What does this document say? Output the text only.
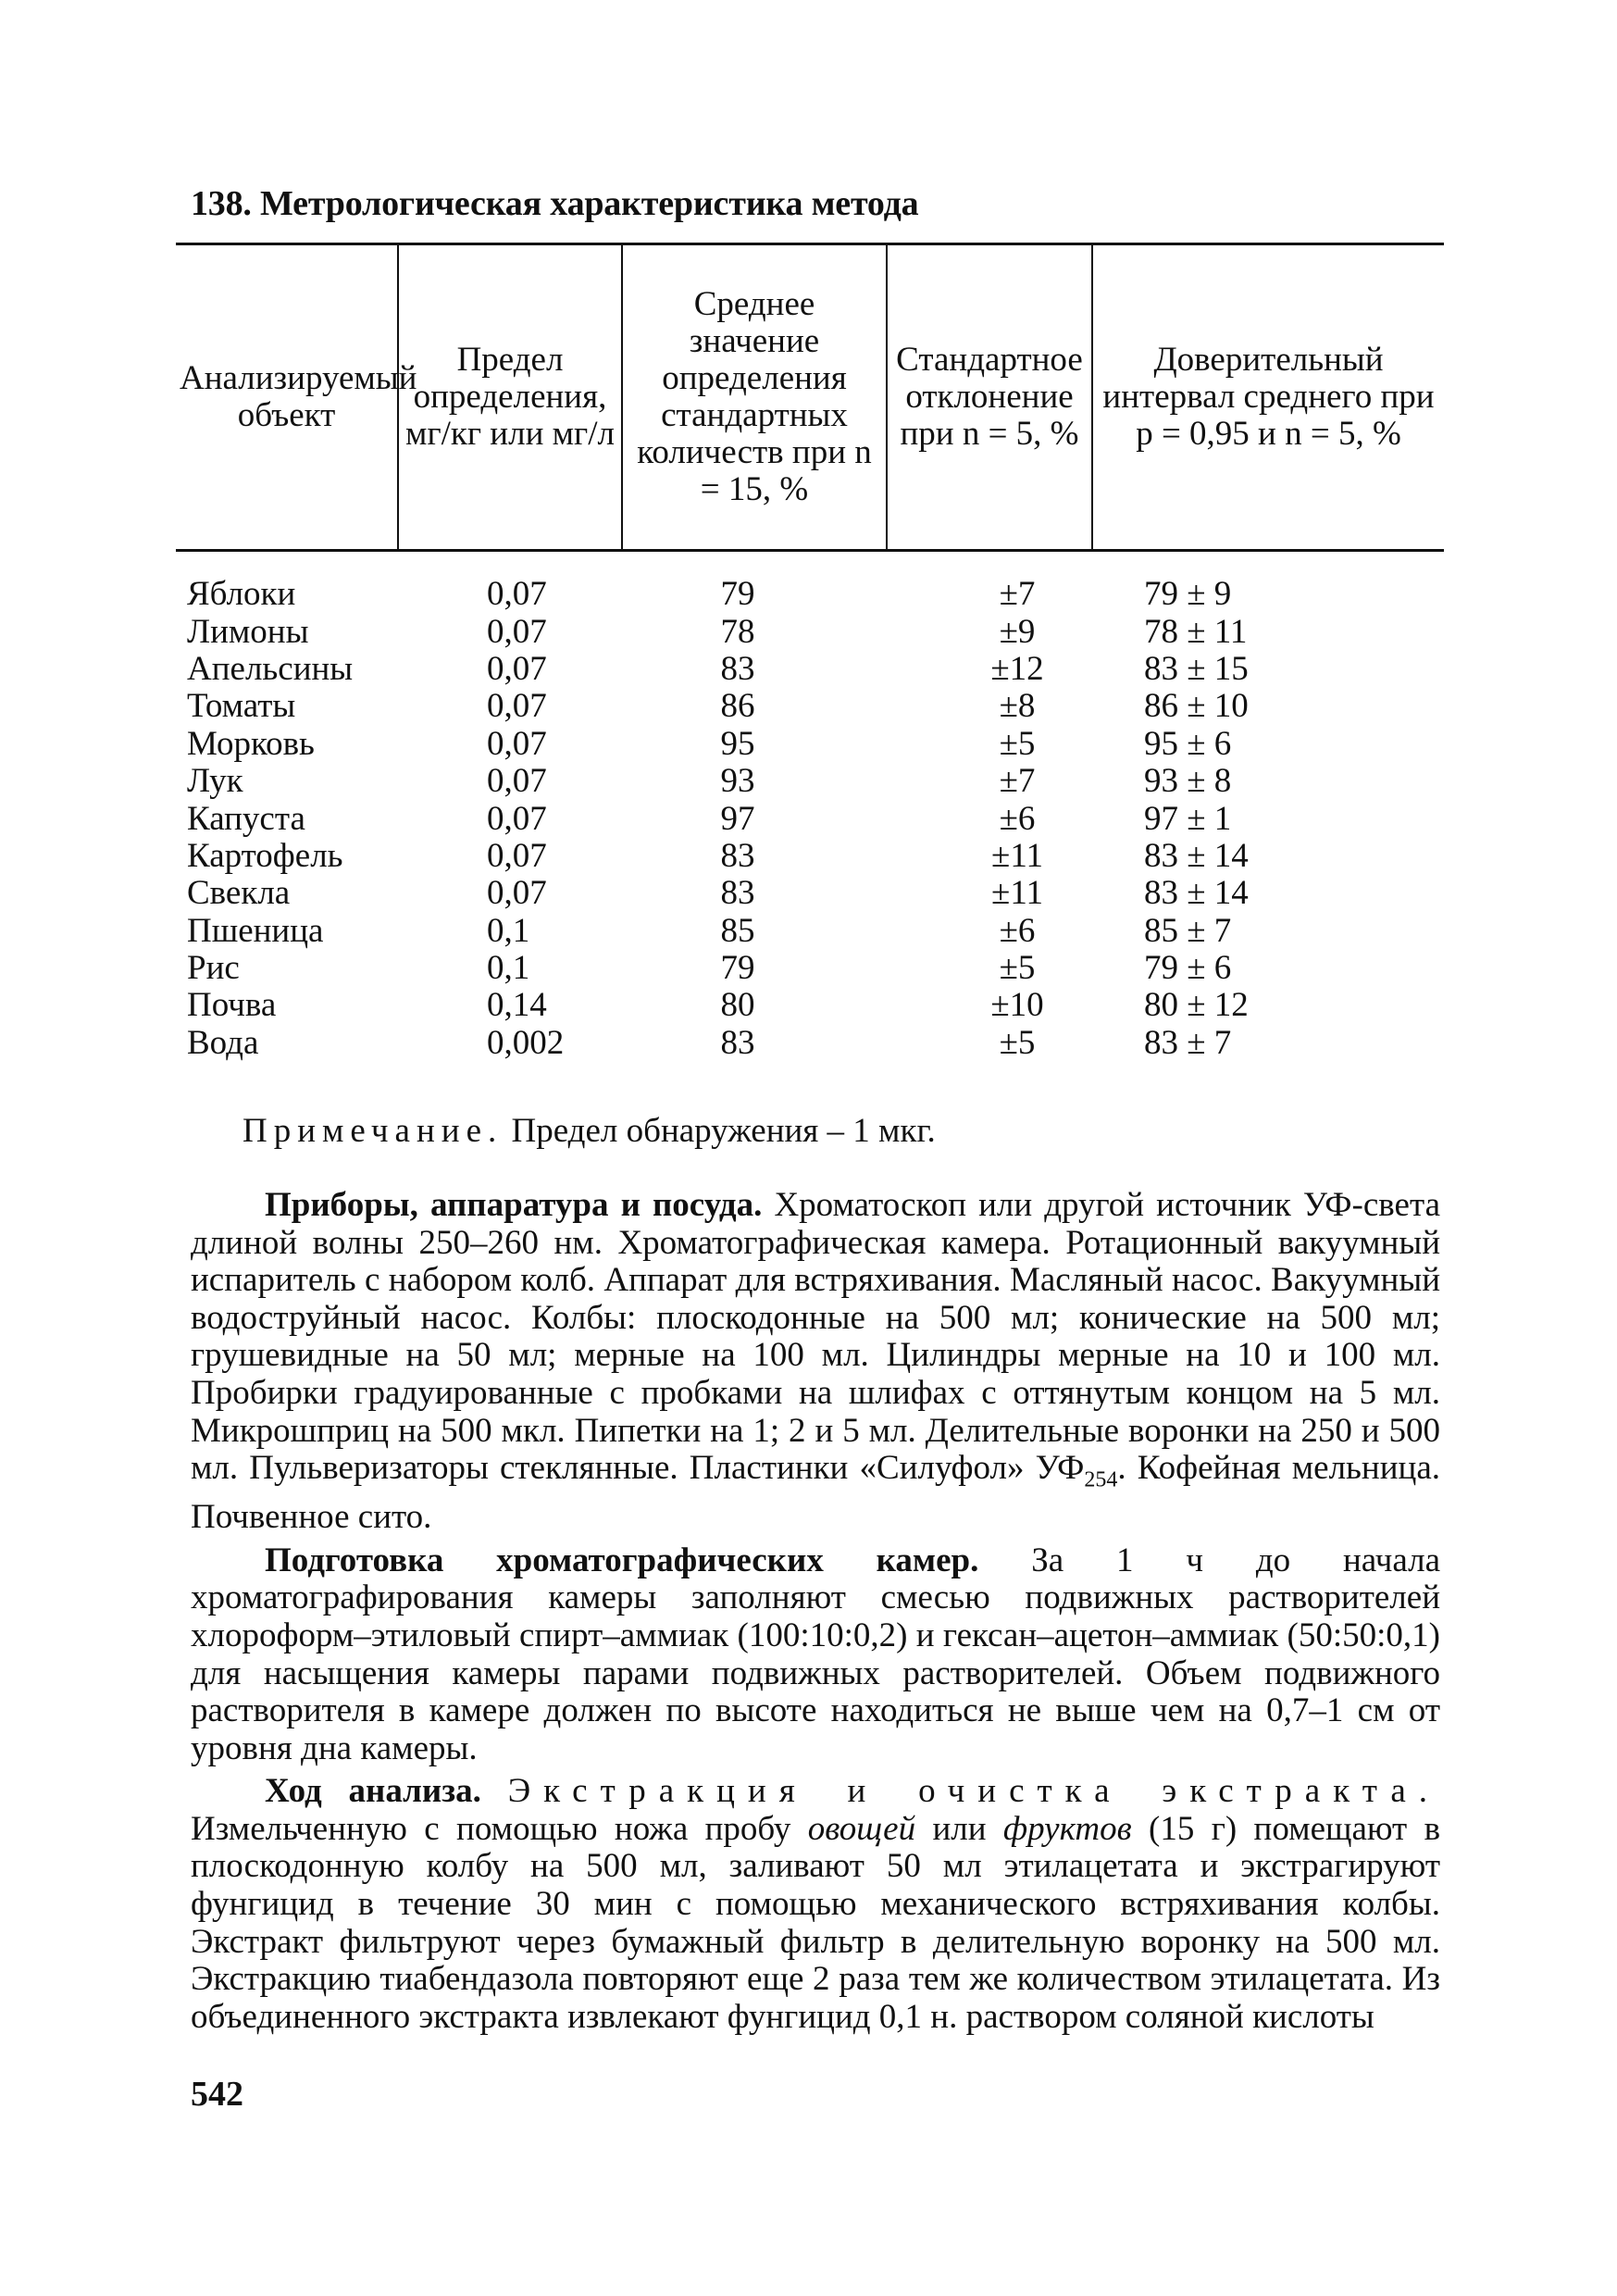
138. Метрологическая характеристика метода
Анализируемый объект	Предел определения, мг/кг или мг/л	Среднее значение определения стандартных количеств при n = 15, %	Стандартное отклонение при n = 5, %	Доверительный интервал среднего при p = 0,95 и n = 5, %
Яблоки	0,07	79	±7	79 ± 9
Лимоны	0,07	78	±9	78 ± 11
Апельсины	0,07	83	±12	83 ± 15
Томаты	0,07	86	±8	86 ± 10
Морковь	0,07	95	±5	95 ± 6
Лук	0,07	93	±7	93 ± 8
Капуста	0,07	97	±6	97 ± 1
Картофель	0,07	83	±11	83 ± 14
Свекла	0,07	83	±11	83 ± 14
Пшеница	0,1	85	±6	85 ± 7
Рис	0,1	79	±5	79 ± 6
Почва	0,14	80	±10	80 ± 12
Вода	0,002	83	±5	83 ± 7
Примечание. Предел обнаружения – 1 мкг.

Приборы, аппаратура и посуда. Хроматоскоп или другой источник УФ-света длиной волны 250–260 нм. Хроматографическая камера. Ротационный вакуумный испаритель с набором колб. Аппарат для встряхивания. Масляный насос. Вакуумный водоструйный насос. Колбы: плоскодонные на 500 мл; конические на 500 мл; грушевидные на 50 мл; мерные на 100 мл. Цилиндры мерные на 10 и 100 мл. Пробирки градуированные с пробками на шлифах с оттянутым концом на 5 мл. Микрошприц на 500 мкл. Пипетки на 1; 2 и 5 мл. Делительные воронки на 250 и 500 мл. Пульверизаторы стеклянные. Пластинки «Силуфол» $УФ_{254}$. Кофейная мельница. Почвенное сито.

Подготовка хроматографических камер. За 1 ч до начала хроматографирования камеры заполняют смесью подвижных растворителей хлороформ–этиловый спирт–аммиак (100:10:0,2) и гексан–ацетон–аммиак (50:50:0,1) для насыщения камеры парами подвижных растворителей. Объем подвижного растворителя в камере должен по высоте находиться не выше чем на 0,7–1 см от уровня дна камеры.

Ход анализа. Экстракция и очистка экстракта. Измельченную с помощью ножа пробу овощей или фруктов (15 г) помещают в плоскодонную колбу на 500 мл, заливают 50 мл этилацетата и экстрагируют фунгицид в течение 30 мин с помощью механического встряхивания колбы. Экстракт фильтруют через бумажный фильтр в делительную воронку на 500 мл. Экстракцию тиабендазола повторяют еще 2 раза тем же количеством этилацетата. Из объединенного экстракта извлекают фунгицид 0,1 н. раствором соляной кислоты

542
